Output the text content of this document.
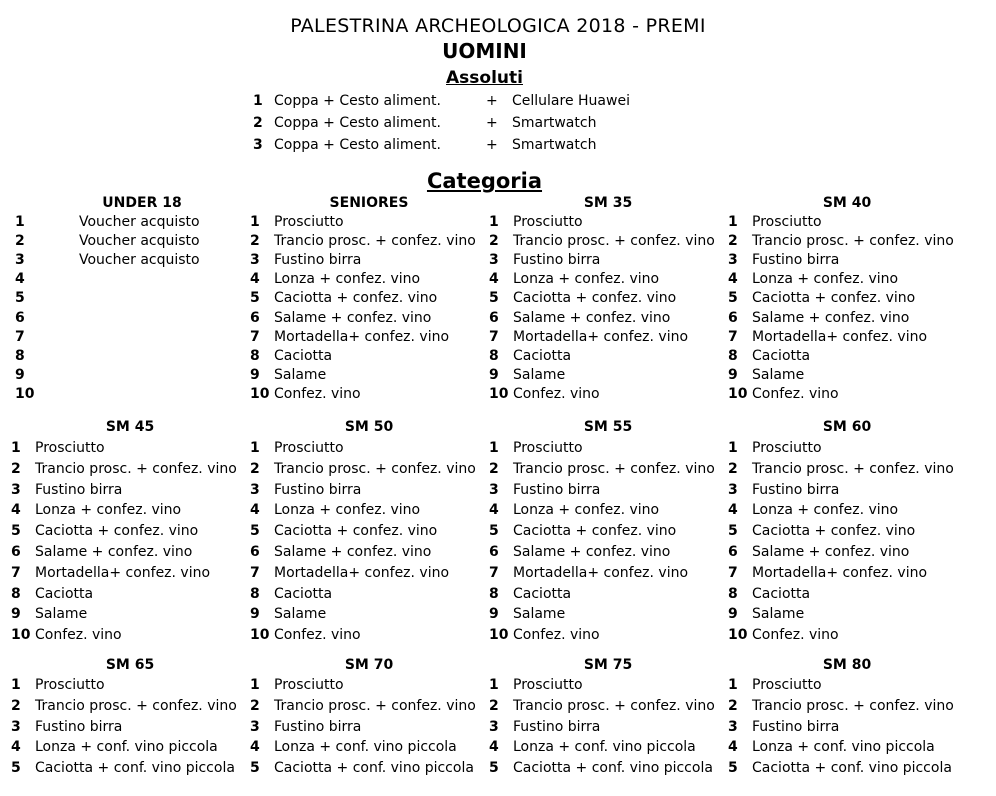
PALESTRINA ARCHEOLOGICA 2018 - PREMI
UOMINI
Assoluti
1 Coppa + Cesto aliment.	+ Cellulare Huawei
2 Coppa + Cesto aliment.	+ Smartwatch
3 Coppa + Cesto aliment.	+ Smartwatch
Categoria
UNDER 18
1	Voucher acquisto
2	Voucher acquisto
3	Voucher acquisto
4
5
6
7
8
9
10
SENIORES
1	Prosciutto
2	Trancio prosc. + confez. vino
3	Fustino birra
4	Lonza + confez. vino
5	Caciotta + confez. vino
6	Salame + confez. vino
7	Mortadella+ confez. vino
8	Caciotta
9	Salame
10 Confez. vino
SM 35
1	Prosciutto
2	Trancio prosc. + confez. vino
3	Fustino birra
4	Lonza + confez. vino
5	Caciotta + confez. vino
6	Salame + confez. vino
7	Mortadella+ confez. vino
8	Caciotta
9	Salame
10 Confez. vino
SM 40
1	Prosciutto
2	Trancio prosc. + confez. vino
3	Fustino birra
4	Lonza + confez. vino
5	Caciotta + confez. vino
6	Salame + confez. vino
7	Mortadella+ confez. vino
8	Caciotta
9	Salame
10 Confez. vino
SM 45
1	Prosciutto
2	Trancio prosc. + confez. vino
3	Fustino birra
4	Lonza + confez. vino
5	Caciotta + confez. vino
6	Salame + confez. vino
7	Mortadella+ confez. vino
8	Caciotta
9	Salame
10 Confez. vino
SM 50
1	Prosciutto
2	Trancio prosc. + confez. vino
3	Fustino birra
4	Lonza + confez. vino
5	Caciotta + confez. vino
6	Salame + confez. vino
7	Mortadella+ confez. vino
8	Caciotta
9	Salame
10 Confez. vino
SM 55
1	Prosciutto
2	Trancio prosc. + confez. vino
3	Fustino birra
4	Lonza + confez. vino
5	Caciotta + confez. vino
6	Salame + confez. vino
7	Mortadella+ confez. vino
8	Caciotta
9	Salame
10 Confez. vino
SM 60
1	Prosciutto
2	Trancio prosc. + confez. vino
3	Fustino birra
4	Lonza + confez. vino
5	Caciotta + confez. vino
6	Salame + confez. vino
7	Mortadella+ confez. vino
8	Caciotta
9	Salame
10 Confez. vino
SM 65
1	Prosciutto
2	Trancio prosc. + confez. vino
3	Fustino birra
4	Lonza + conf. vino piccola
5	Caciotta + conf. vino piccola
SM 70
1	Prosciutto
2	Trancio prosc. + confez. vino
3	Fustino birra
4	Lonza + conf. vino piccola
5	Caciotta + conf. vino piccola
SM 75
1	Prosciutto
2	Trancio prosc. + confez. vino
3	Fustino birra
4	Lonza + conf. vino piccola
5	Caciotta + conf. vino piccola
SM 80
1	Prosciutto
2	Trancio prosc. + confez. vino
3	Fustino birra
4	Lonza + conf. vino piccola
5	Caciotta + conf. vino piccola
